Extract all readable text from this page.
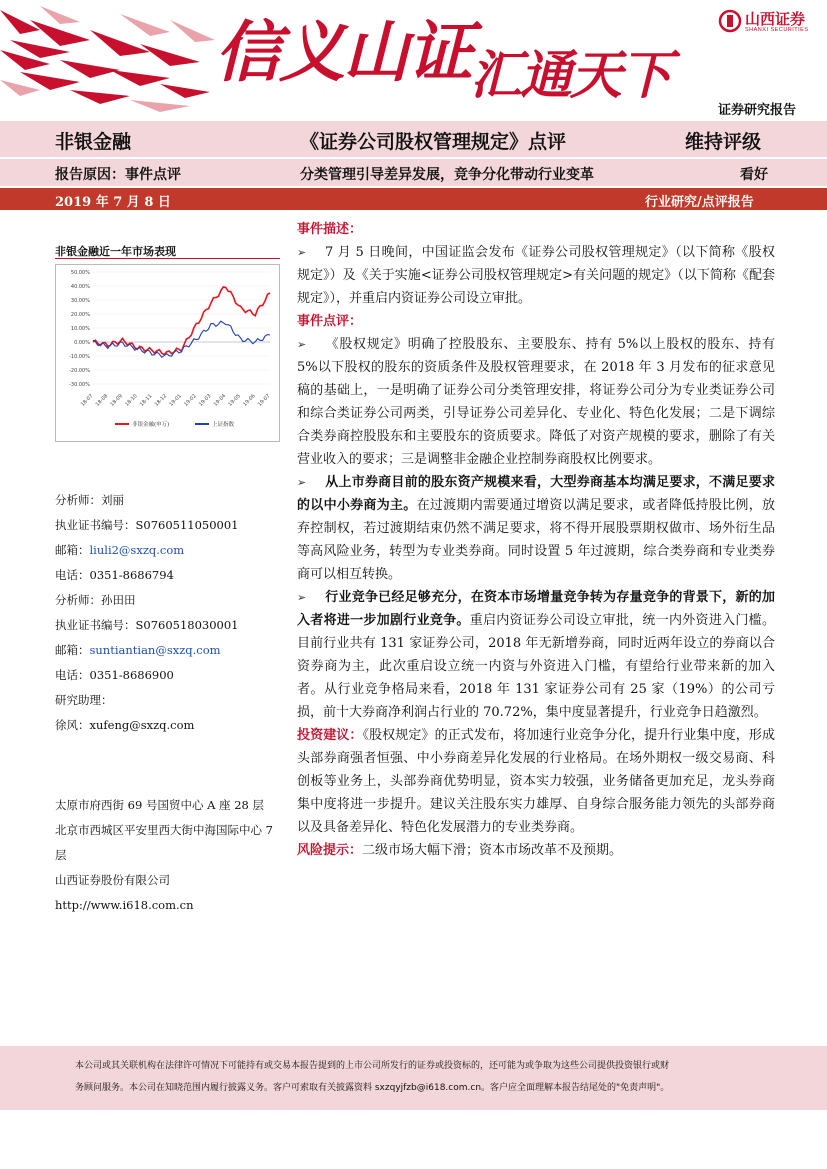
信义山证 汇通天下
山西证券
SHANXI SECURITIES
证券研究报告
非银金融	《证券公司股权管理规定》点评	维持评级
报告原因：事件点评	分类管理引导差异发展，竞争分化带动行业变革	看好
2019 年 7 月 8 日	行业研究/点评报告
非银金融近一年市场表现
50.00%
40.00%
30.00%
20.00%
10.00%
0.00%
-10.00%
-20.00%
-30.00%
18-07 18-08 18-09 18-10 18-11 18-12 19-01 19-02 19-03 19-04 19-05 19-06 19-07
非银金融(申万)	上证指数
分析师：刘丽
执业证书编号：S0760511050001
邮箱：liuli2@sxzq.com
电话：0351-8686794
分析师：孙田田
执业证书编号：S0760518030001
邮箱：suntiantian@sxzq.com
电话：0351-8686900
研究助理：
徐风：xufeng@sxzq.com
太原市府西街 69 号国贸中心 A 座 28 层
北京市西城区平安里西大街中海国际中心 7 层
山西证券股份有限公司
http://www.i618.com.cn

事件描述：

➢ 7 月 5 日晚间，中国证监会发布《证券公司股权管理规定》（以下简称《股权规定》）及《关于实施<证券公司股权管理规定>有关问题的规定》（以下简称《配套规定》），并重启内资证券公司设立审批。

事件点评：

➢ 《股权规定》明确了控股股东、主要股东、持有 5%以上股权的股东、持有 5%以下股权的股东的资质条件及股权管理要求，在 2018 年 3 月发布的征求意见稿的基础上，一是明确了证券公司分类管理安排，将证券公司分为专业类证券公司和综合类证券公司两类，引导证券公司差异化、专业化、特色化发展；二是下调综合类券商控股股东和主要股东的资质要求。降低了对资产规模的要求，删除了有关营业收入的要求；三是调整非金融企业控制券商股权比例要求。

➢ 从上市券商目前的股东资产规模来看，大型券商基本均满足要求，不满足要求的以中小券商为主。在过渡期内需要通过增资以满足要求，或者降低持股比例，放弃控制权，若过渡期结束仍然不满足要求，将不得开展股票期权做市、场外衍生品等高风险业务，转型为专业类券商。同时设置 5 年过渡期，综合类券商和专业类券商可以相互转换。

➢ 行业竞争已经足够充分，在资本市场增量竞争转为存量竞争的背景下，新的加入者将进一步加剧行业竞争。重启内资证券公司设立审批，统一内外资进入门槛。目前行业共有 131 家证券公司，2018 年无新增券商，同时近两年设立的券商以合资券商为主，此次重启设立统一内资与外资进入门槛，有望给行业带来新的加入者。从行业竞争格局来看，2018 年 131 家证券公司有 25 家（19%）的公司亏损，前十大券商净利润占行业的 70.72%，集中度显著提升，行业竞争日趋激烈。

投资建议：《股权规定》的正式发布，将加速行业竞争分化，提升行业集中度，形成头部券商强者恒强、中小券商差异化发展的行业格局。在场外期权一级交易商、科创板等业务上，头部券商优势明显，资本实力较强，业务储备更加充足，龙头券商集中度将进一步提升。建议关注股东实力雄厚、自身综合服务能力领先的头部券商以及具备差异化、特色化发展潜力的专业类券商。

风险提示：二级市场大幅下滑；资本市场改革不及预期。

本公司或其关联机构在法律许可情况下可能持有或交易本报告提到的上市公司所发行的证券或投资标的，还可能为或争取为这些公司提供投资银行或财
务顾问服务。本公司在知晓范围内履行披露义务。客户可索取有关披露资料 sxzqyjfzb@i618.com.cn。客户应全面理解本报告结尾处的"免责声明"。
